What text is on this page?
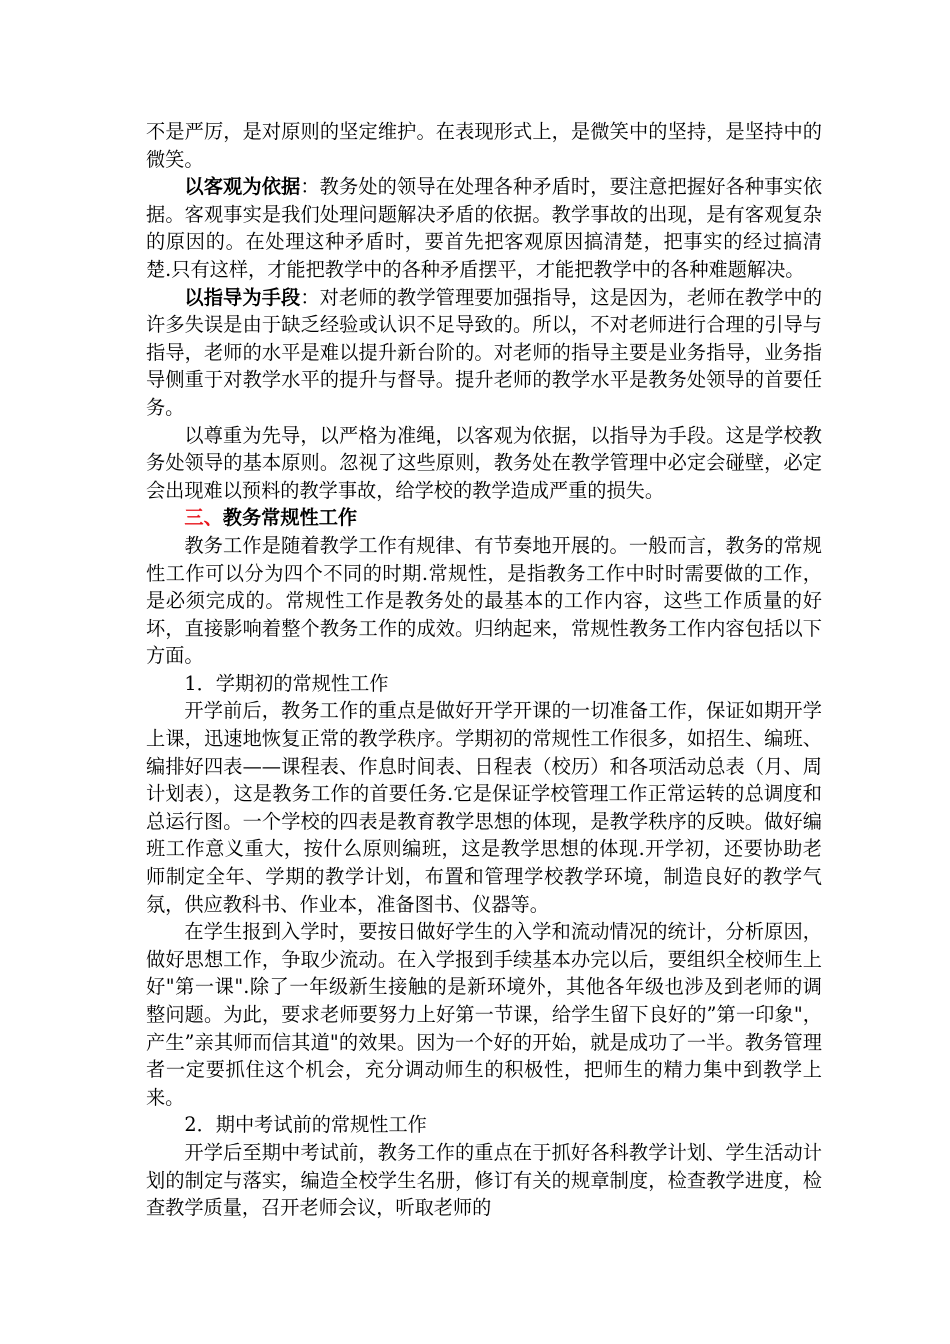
不是严厉，是对原则的坚定维护。在表现形式上，是微笑中的坚持，是坚持中的微笑。

以客观为依据：教务处的领导在处理各种矛盾时，要注意把握好各种事实依据。客观事实是我们处理问题解决矛盾的依据。教学事故的出现，是有客观复杂的原因的。在处理这种矛盾时，要首先把客观原因搞清楚，把事实的经过搞清楚.只有这样，才能把教学中的各种矛盾摆平，才能把教学中的各种难题解决。

以指导为手段：对老师的教学管理要加强指导，这是因为，老师在教学中的许多失误是由于缺乏经验或认识不足导致的。所以，不对老师进行合理的引导与指导，老师的水平是难以提升新台阶的。对老师的指导主要是业务指导，业务指导侧重于对教学水平的提升与督导。提升老师的教学水平是教务处领导的首要任务。

以尊重为先导，以严格为准绳，以客观为依据，以指导为手段。这是学校教务处领导的基本原则。忽视了这些原则，教务处在教学管理中必定会碰壁，必定会出现难以预料的教学事故，给学校的教学造成严重的损失。

三、教务常规性工作

教务工作是随着教学工作有规律、有节奏地开展的。一般而言，教务的常规性工作可以分为四个不同的时期.常规性，是指教务工作中时时需要做的工作，是必须完成的。常规性工作是教务处的最基本的工作内容，这些工作质量的好坏，直接影响着整个教务工作的成效。归纳起来，常规性教务工作内容包括以下方面。

1．学期初的常规性工作

开学前后，教务工作的重点是做好开学开课的一切准备工作，保证如期开学上课，迅速地恢复正常的教学秩序。学期初的常规性工作很多，如招生、编班、编排好四表——课程表、作息时间表、日程表（校历）和各项活动总表（月、周计划表），这是教务工作的首要任务.它是保证学校管理工作正常运转的总调度和总运行图。一个学校的四表是教育教学思想的体现，是教学秩序的反映。做好编班工作意义重大，按什么原则编班，这是教学思想的体现.开学初，还要协助老师制定全年、学期的教学计划，布置和管理学校教学环境，制造良好的教学气氛，供应教科书、作业本，准备图书、仪器等。

在学生报到入学时，要按日做好学生的入学和流动情况的统计，分析原因，做好思想工作，争取少流动。在入学报到手续基本办完以后，要组织全校师生上好"第一课".除了一年级新生接触的是新环境外，其他各年级也涉及到老师的调整问题。为此，要求老师要努力上好第一节课，给学生留下良好的”第一印象"，产生”亲其师而信其道"的效果。因为一个好的开始，就是成功了一半。教务管理者一定要抓住这个机会，充分调动师生的积极性，把师生的精力集中到教学上来。

2．期中考试前的常规性工作

开学后至期中考试前，教务工作的重点在于抓好各科教学计划、学生活动计划的制定与落实，编造全校学生名册，修订有关的规章制度，检查教学进度，检查教学质量，召开老师会议，听取老师的
